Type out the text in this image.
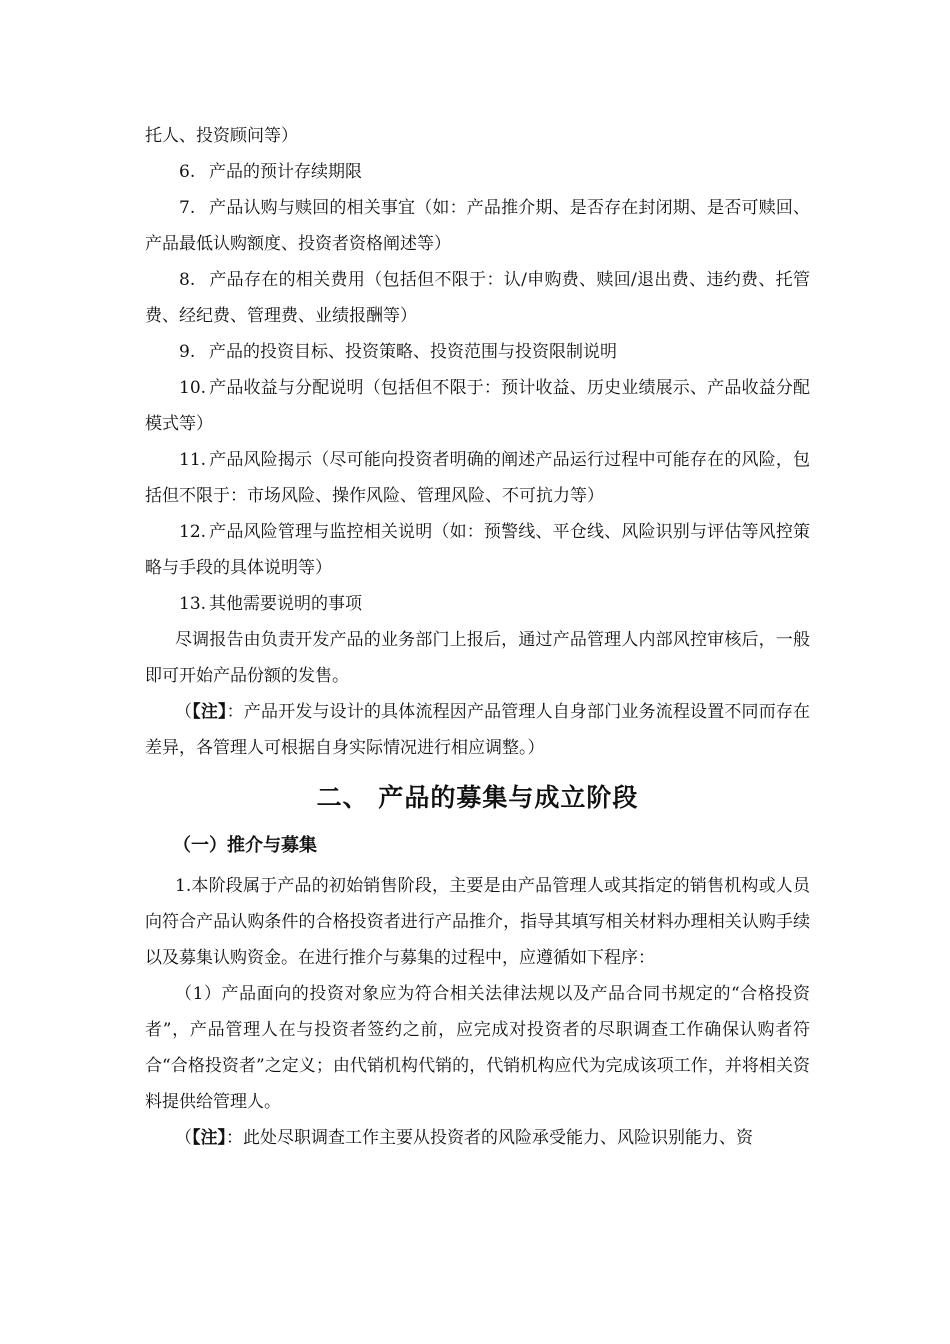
托人、投资顾问等）

6. 产品的预计存续期限

7. 产品认购与赎回的相关事宜（如：产品推介期、是否存在封闭期、是否可赎回、产品最低认购额度、投资者资格阐述等）

8. 产品存在的相关费用（包括但不限于：认/申购费、赎回/退出费、违约费、托管费、经纪费、管理费、业绩报酬等）

9. 产品的投资目标、投资策略、投资范围与投资限制说明

10. 产品收益与分配说明（包括但不限于：预计收益、历史业绩展示、产品收益分配模式等）

11. 产品风险揭示（尽可能向投资者明确的阐述产品运行过程中可能存在的风险，包括但不限于：市场风险、操作风险、管理风险、不可抗力等）

12. 产品风险管理与监控相关说明（如：预警线、平仓线、风险识别与评估等风控策略与手段的具体说明等）

13. 其他需要说明的事项

尽调报告由负责开发产品的业务部门上报后，通过产品管理人内部风控审核后，一般即可开始产品份额的发售。

（【注】：产品开发与设计的具体流程因产品管理人自身部门业务流程设置不同而存在差异，各管理人可根据自身实际情况进行相应调整。）

二、 产品的募集与成立阶段
（一）推介与募集

1.本阶段属于产品的初始销售阶段，主要是由产品管理人或其指定的销售机构或人员向符合产品认购条件的合格投资者进行产品推介，指导其填写相关材料办理相关认购手续以及募集认购资金。在进行推介与募集的过程中，应遵循如下程序：

（1）产品面向的投资对象应为符合相关法律法规以及产品合同书规定的“合格投资者”，产品管理人在与投资者签约之前，应完成对投资者的尽职调查工作确保认购者符合“合格投资者”之定义；由代销机构代销的，代销机构应代为完成该项工作，并将相关资料提供给管理人。

（【注】：此处尽职调查工作主要从投资者的风险承受能力、风险识别能力、资
